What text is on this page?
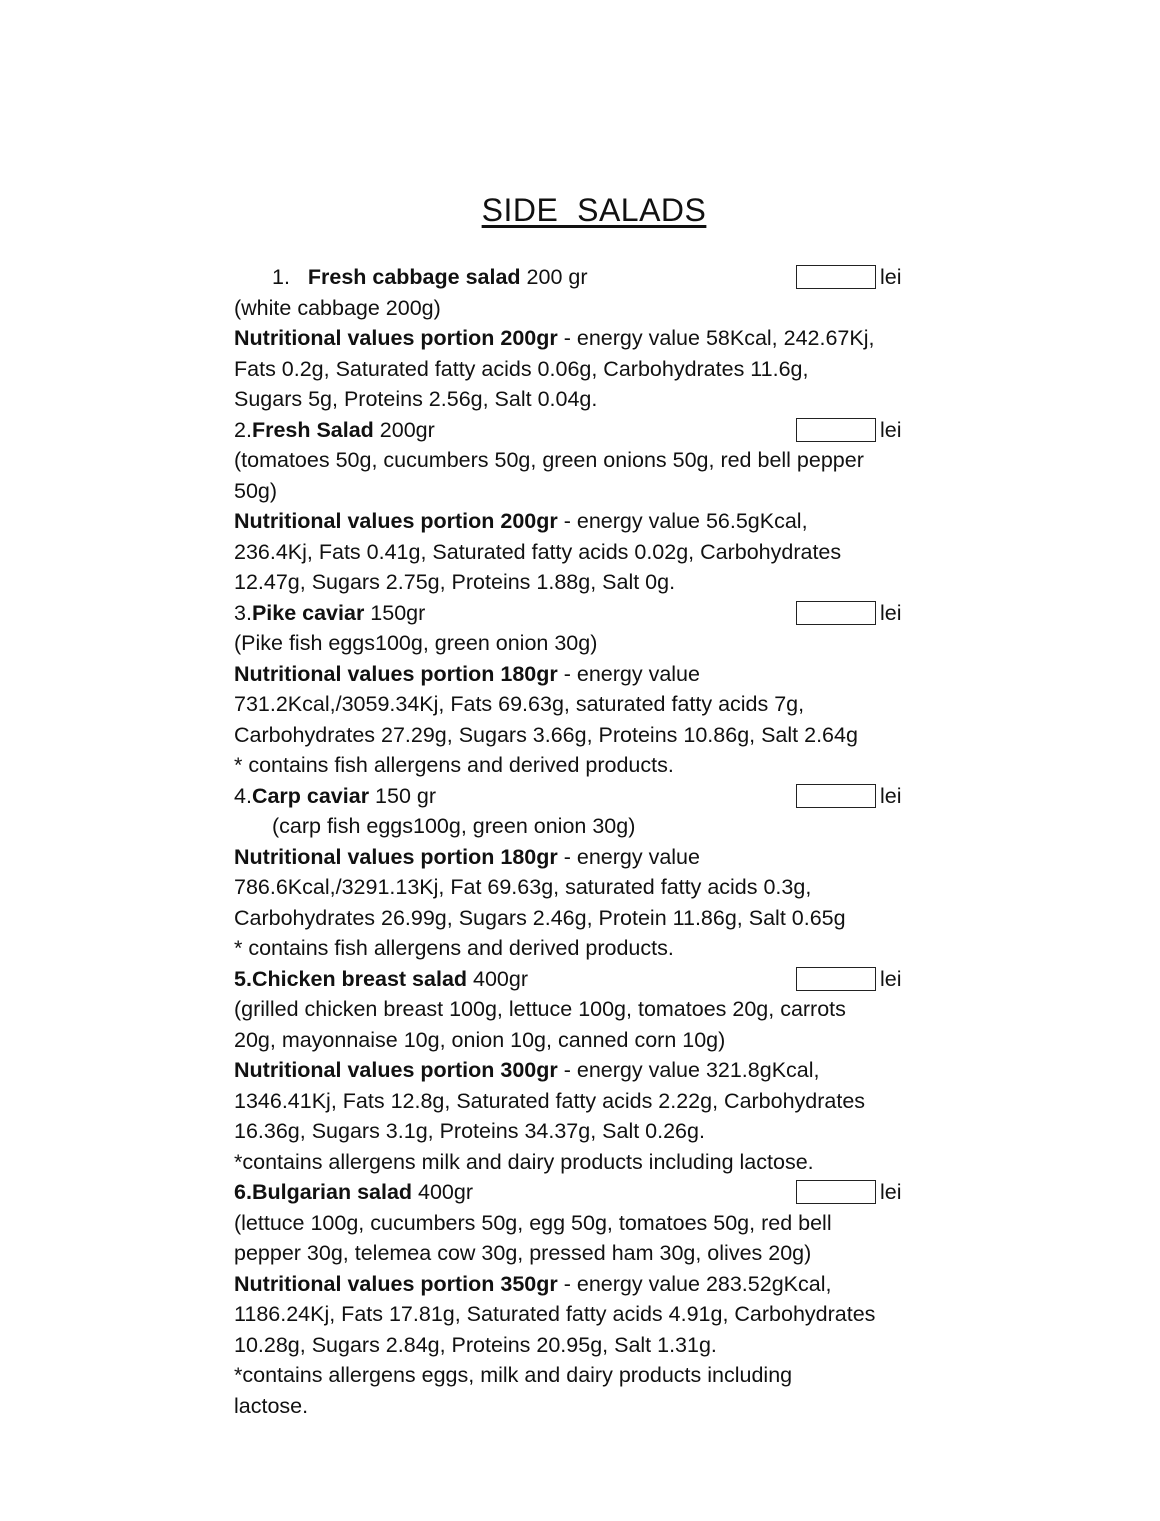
SIDE  SALADS
1. Fresh cabbage salad 200 gr	lei
(white cabbage 200g)
Nutritional values portion 200gr - energy value 58Kcal, 242.67Kj,
Fats 0.2g, Saturated fatty acids 0.06g, Carbohydrates 11.6g,
Sugars 5g, Proteins 2.56g, Salt 0.04g.
2.Fresh Salad 200gr	lei
(tomatoes 50g, cucumbers 50g, green onions 50g, red bell pepper
50g)
Nutritional values portion 200gr - energy value 56.5gKcal,
236.4Kj, Fats 0.41g, Saturated fatty acids 0.02g, Carbohydrates
12.47g, Sugars 2.75g, Proteins 1.88g, Salt 0g.
3.Pike caviar 150gr	lei
(Pike fish eggs100g, green onion 30g)
Nutritional values portion 180gr - energy value
731.2Kcal,/3059.34Kj, Fats 69.63g, saturated fatty acids 7g,
Carbohydrates 27.29g, Sugars 3.66g, Proteins 10.86g, Salt 2.64g
* contains fish allergens and derived products.
4.Carp caviar 150 gr	lei
(carp fish eggs100g, green onion 30g)
Nutritional values portion 180gr - energy value
786.6Kcal,/3291.13Kj, Fat 69.63g, saturated fatty acids 0.3g,
Carbohydrates 26.99g, Sugars 2.46g, Protein 11.86g, Salt 0.65g
* contains fish allergens and derived products.
5.Chicken breast salad 400gr	lei
(grilled chicken breast 100g, lettuce 100g, tomatoes 20g, carrots
20g, mayonnaise 10g, onion 10g, canned corn 10g)
Nutritional values portion 300gr - energy value 321.8gKcal,
1346.41Kj, Fats 12.8g, Saturated fatty acids 2.22g, Carbohydrates
16.36g, Sugars 3.1g, Proteins 34.37g, Salt 0.26g.
*contains allergens milk and dairy products including lactose.
6.Bulgarian salad 400gr	lei
(lettuce 100g, cucumbers 50g, egg 50g, tomatoes 50g, red bell
pepper 30g, telemea cow 30g, pressed ham 30g, olives 20g)
Nutritional values portion 350gr - energy value 283.52gKcal,
1186.24Kj, Fats 17.81g, Saturated fatty acids 4.91g, Carbohydrates
10.28g, Sugars 2.84g, Proteins 20.95g, Salt 1.31g.
*contains allergens eggs, milk and dairy products including
lactose.
